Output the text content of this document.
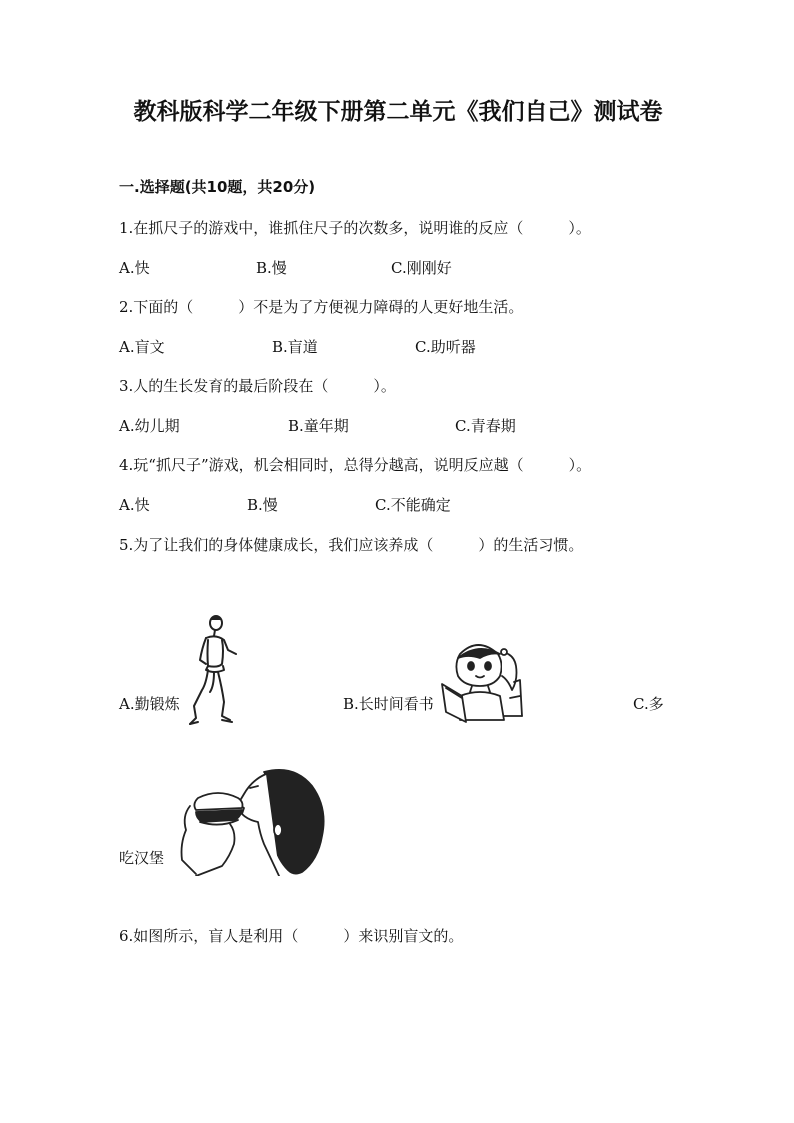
教科版科学二年级下册第二单元《我们自己》测试卷
一.选择题(共10题，共20分)
1.在抓尺子的游戏中，谁抓住尺子的次数多，说明谁的反应（　　　）。
A.快	B.慢	C.刚刚好
2.下面的（　　　）不是为了方便视力障碍的人更好地生活。
A.盲文	B.盲道	C.助听器
3.人的生长发育的最后阶段在（　　　）。
A.幼儿期	B.童年期	C.青春期
4.玩“抓尺子”游戏，机会相同时，总得分越高，说明反应越（　　　）。
A.快	B.慢	C.不能确定
5.为了让我们的身体健康成长，我们应该养成（　　　）的生活习惯。
A.勤锻炼	B.长时间看书	C.多
吃汉堡
6.如图所示，盲人是利用（　　　）来识别盲文的。
